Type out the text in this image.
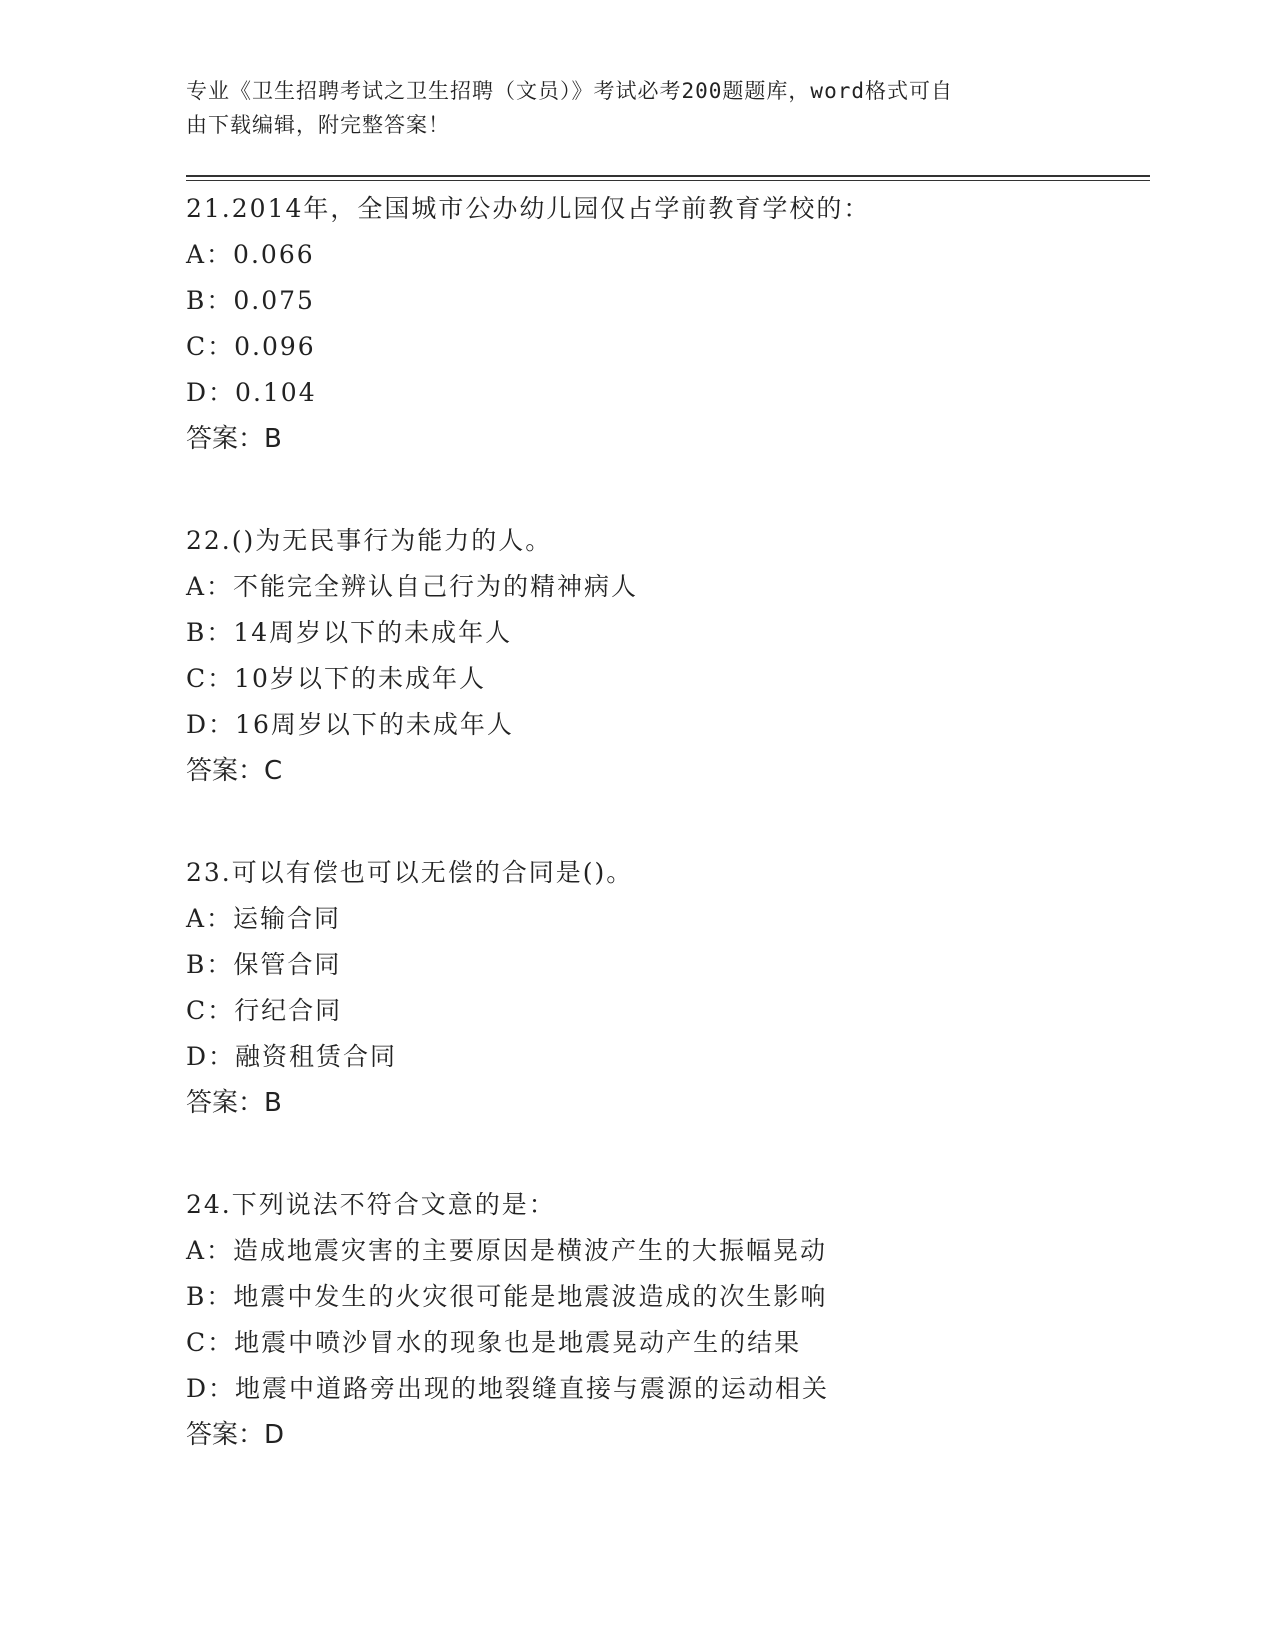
专业《卫生招聘考试之卫生招聘（文员）》考试必考200题题库，word格式可自
由下载编辑，附完整答案！
21.2014年，全国城市公办幼儿园仅占学前教育学校的：
A：0.066
B：0.075
C：0.096
D：0.104
答案：B
22.()为无民事行为能力的人。
A：不能完全辨认自己行为的精神病人
B：14周岁以下的未成年人
C：10岁以下的未成年人
D：16周岁以下的未成年人
答案：C
23.可以有偿也可以无偿的合同是()。
A：运输合同
B：保管合同
C：行纪合同
D：融资租赁合同
答案：B
24.下列说法不符合文意的是：
A：造成地震灾害的主要原因是横波产生的大振幅晃动
B：地震中发生的火灾很可能是地震波造成的次生影响
C：地震中喷沙冒水的现象也是地震晃动产生的结果
D：地震中道路旁出现的地裂缝直接与震源的运动相关
答案：D
